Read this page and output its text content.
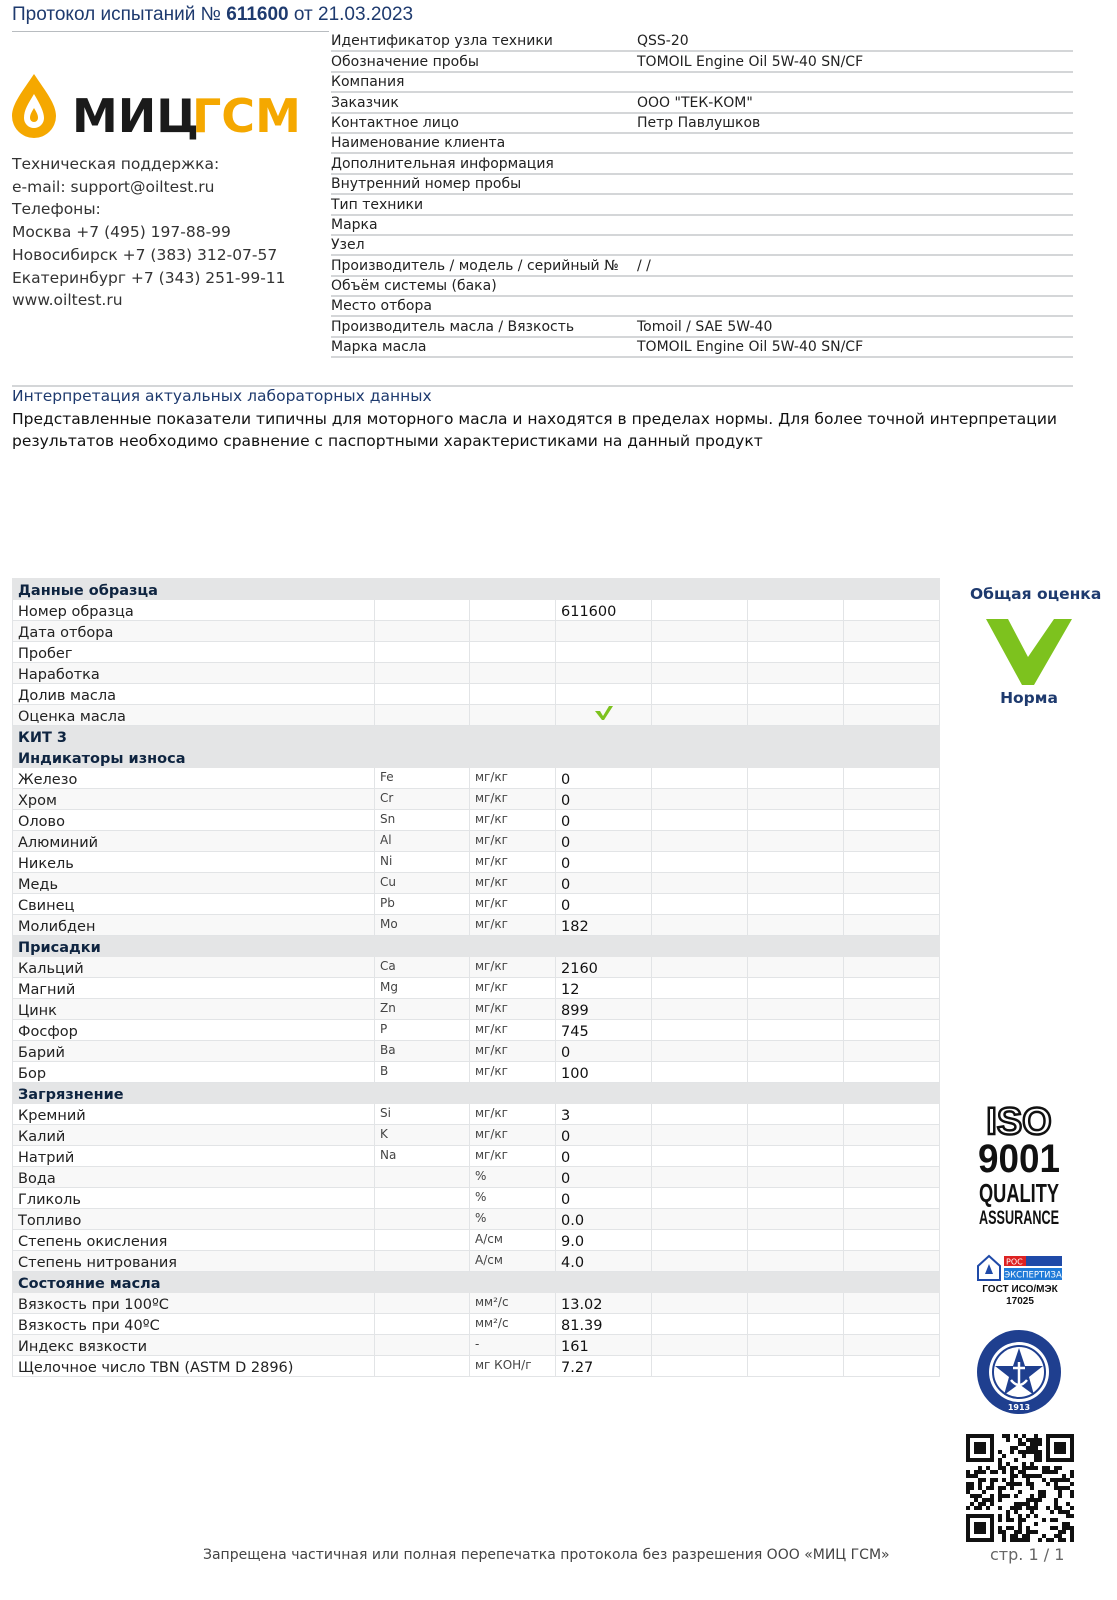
Протокол испытаний № 611600 от 21.03.2023
МИЦ
ГСМ
Техническая поддержка:
e-mail: support@oiltest.ru
Телефоны:
Москва +7 (495) 197-88-99
Новосибирск +7 (383) 312-07-57
Екатеринбург +7 (343) 251-99-11
www.oiltest.ru
Идентификатор узла техники	QSS-20
Обозначение пробы	TOMOIL Engine Oil 5W-40 SN/CF
Компания
Заказчик	ООО "ТЕК-КОМ"
Контактное лицо	Петр Павлушков
Наименование клиента
Дополнительная информация
Внутренний номер пробы
Тип техники
Марка
Узел
Производитель / модель / серийный №	/ /
Объём системы (бака)
Место отбора
Производитель масла / Вязкость	Tomoil / SAE 5W-40
Марка масла	TOMOIL Engine Oil 5W-40 SN/CF
Интерпретация актуальных лабораторных данных
Представленные показатели типичны для моторного масла и находятся в пределах нормы. Для более точной интерпретации результатов необходимо сравнение с паспортными характеристиками на данный продукт
Данные образца						
Номер образца			611600			
Дата отбора						
Пробег						
Наработка						
Долив масла						
Оценка масла						
КИТ 3						
Индикаторы износа						
Железо	Fe	мг/кг	0			
Хром	Cr	мг/кг	0			
Олово	Sn	мг/кг	0			
Алюминий	Al	мг/кг	0			
Никель	Ni	мг/кг	0			
Медь	Cu	мг/кг	0			
Свинец	Pb	мг/кг	0			
Молибден	Mo	мг/кг	182			
Присадки						
Кальций	Ca	мг/кг	2160			
Магний	Mg	мг/кг	12			
Цинк	Zn	мг/кг	899			
Фосфор	P	мг/кг	745			
Барий	Ba	мг/кг	0			
Бор	B	мг/кг	100			
Загрязнение						
Кремний	Si	мг/кг	3			
Калий	K	мг/кг	0			
Натрий	Na	мг/кг	0			
Вода		%	0			
Гликоль		%	0			
Топливо		%	0.0			
Степень окисления		А/см	9.0			
Степень нитрования		А/см	4.0			
Состояние масла						
Вязкость при 100ºС		мм²/с	13.02			
Вязкость при 40ºС		мм²/с	81.39			
Индекс вязкости		-	161			
Щелочное число TBN (ASTM D 2896)		мг КОН/г	7.27			
Общая оценка
Норма
ISO
9001
QUALITY
ASSURANCE
РОС
ЭКСПЕРТИЗА
ГОСТ ИСО/МЭК
17025
1913
Запрещена частичная или полная перепечатка протокола без разрешения ООО «МИЦ ГСМ»	стр. 1 / 1
